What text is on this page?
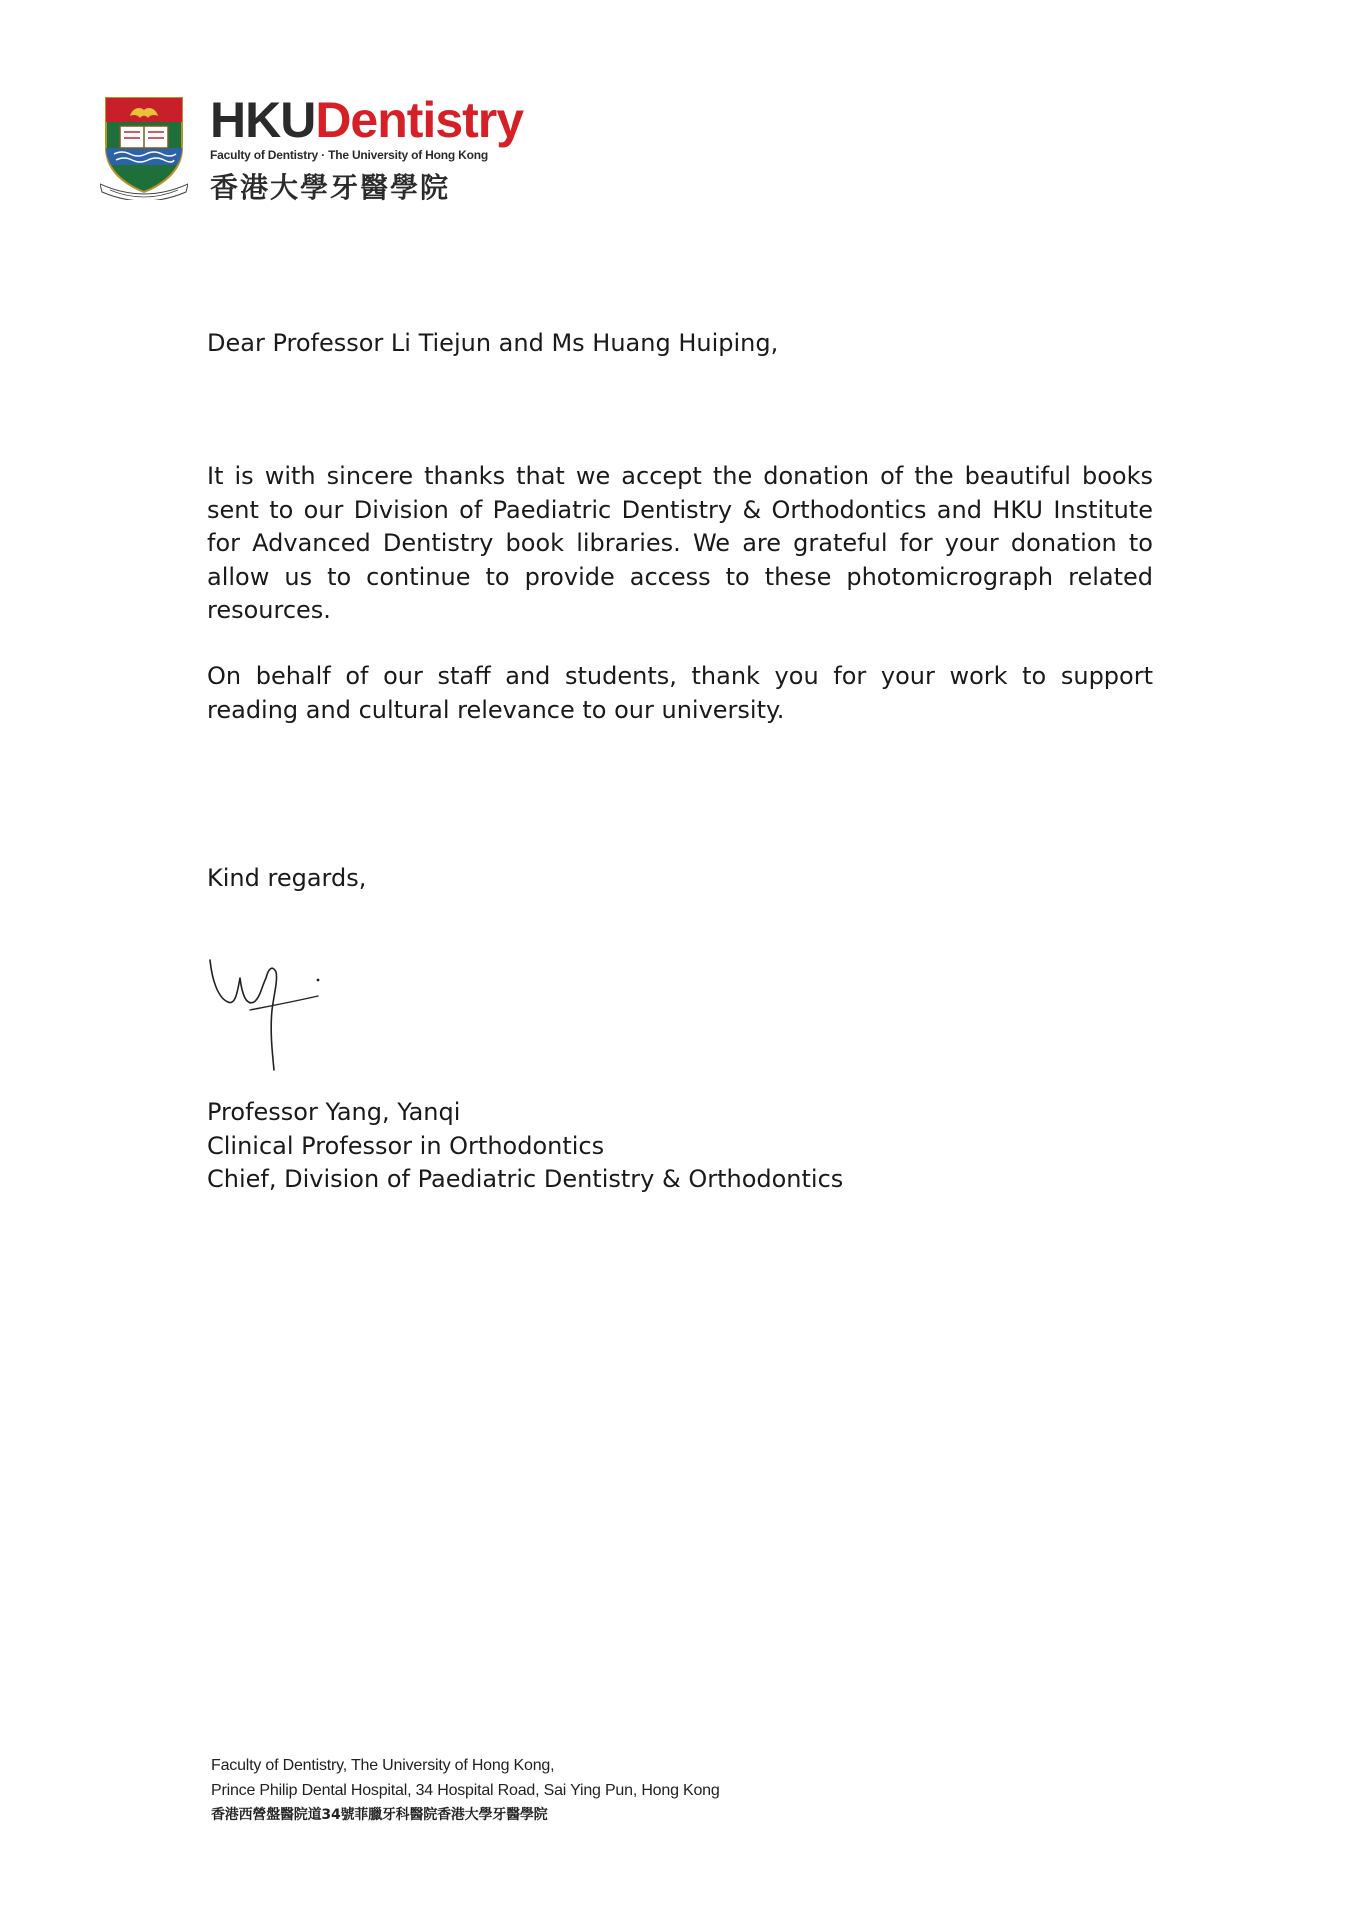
HKUDentistry
Faculty of Dentistry · The University of Hong Kong
香港大學牙醫學院
Dear Professor Li Tiejun and Ms Huang Huiping,
It is with sincere thanks that we accept the donation of the beautiful books sent to our Division of Paediatric Dentistry & Orthodontics and HKU Institute for Advanced Dentistry book libraries. We are grateful for your donation to allow us to continue to provide access to these photomicrograph related resources.
On behalf of our staff and students, thank you for your work to support reading and cultural relevance to our university.
Kind regards,
Professor Yang, Yanqi
Clinical Professor in Orthodontics
Chief, Division of Paediatric Dentistry & Orthodontics
Faculty of Dentistry, The University of Hong Kong,
Prince Philip Dental Hospital, 34 Hospital Road, Sai Ying Pun, Hong Kong
香港西營盤醫院道34號菲臘牙科醫院香港大學牙醫學院
